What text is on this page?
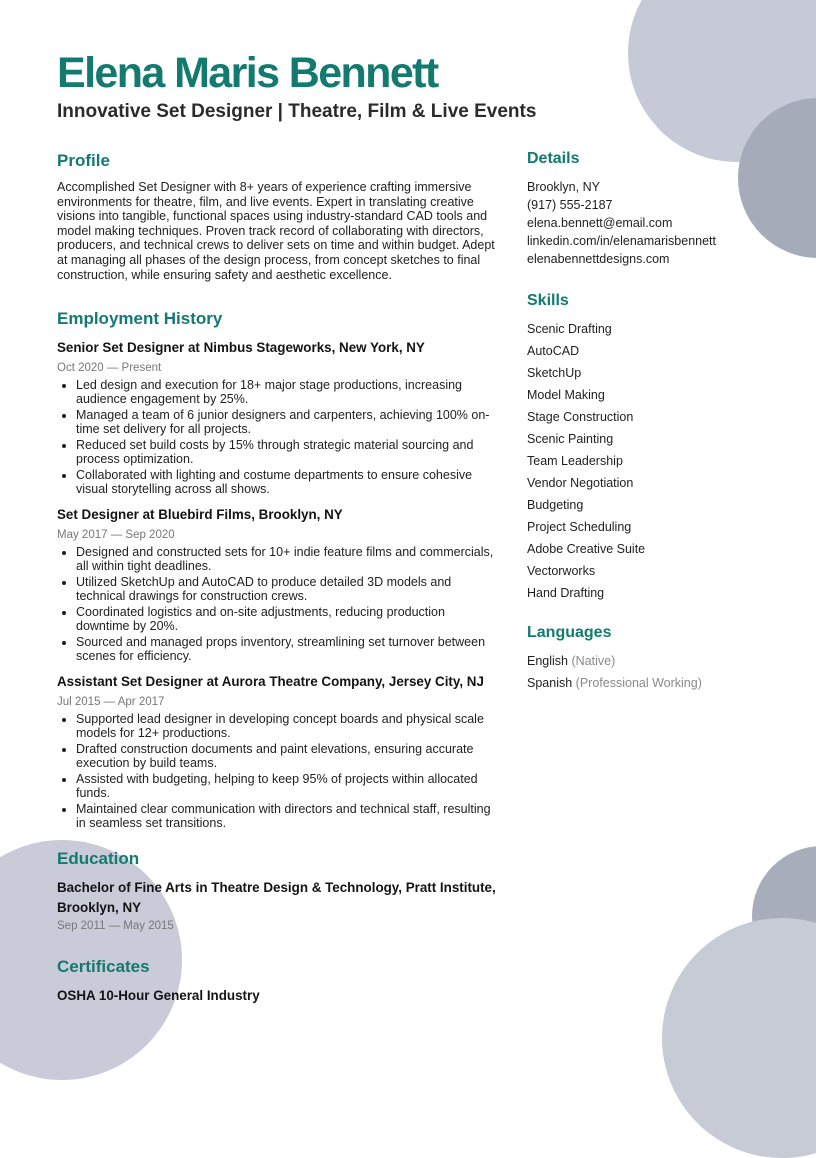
Elena Maris Bennett
Innovative Set Designer | Theatre, Film & Live Events
Profile

Accomplished Set Designer with 8+ years of experience crafting immersive environments for theatre, film, and live events. Expert in translating creative visions into tangible, functional spaces using industry-standard CAD tools and model making techniques. Proven track record of collaborating with directors, producers, and technical crews to deliver sets on time and within budget. Adept at managing all phases of the design process, from concept sketches to final construction, while ensuring safety and aesthetic excellence.

Employment History

Senior Set Designer at Nimbus Stageworks, New York, NY

Oct 2020 — Present

• Led design and execution for 18+ major stage productions, increasing audience engagement by 25%.
• Managed a team of 6 junior designers and carpenters, achieving 100% on-time set delivery for all projects.
• Reduced set build costs by 15% through strategic material sourcing and process optimization.
• Collaborated with lighting and costume departments to ensure cohesive visual storytelling across all shows.

Set Designer at Bluebird Films, Brooklyn, NY

May 2017 — Sep 2020

• Designed and constructed sets for 10+ indie feature films and commercials, all within tight deadlines.
• Utilized SketchUp and AutoCAD to produce detailed 3D models and technical drawings for construction crews.
• Coordinated logistics and on-site adjustments, reducing production downtime by 20%.
• Sourced and managed props inventory, streamlining set turnover between scenes for efficiency.

Assistant Set Designer at Aurora Theatre Company, Jersey City, NJ

Jul 2015 — Apr 2017

• Supported lead designer in developing concept boards and physical scale models for 12+ productions.
• Drafted construction documents and paint elevations, ensuring accurate execution by build teams.
• Assisted with budgeting, helping to keep 95% of projects within allocated funds.
• Maintained clear communication with directors and technical staff, resulting in seamless set transitions.
Education

Bachelor of Fine Arts in Theatre Design & Technology, Pratt Institute, Brooklyn, NY

Sep 2011 — May 2015

Certificates

OSHA 10-Hour General Industry

Details

Brooklyn, NY

(917) 555-2187

elena.bennett@email.com

linkedin.com/in/elenamarisbennett

elenabennettdesigns.com

Skills

Scenic Drafting

AutoCAD

SketchUp

Model Making

Stage Construction

Scenic Painting

Team Leadership

Vendor Negotiation

Budgeting

Project Scheduling

Adobe Creative Suite

Vectorworks

Hand Drafting

Languages

English (Native)

Spanish (Professional Working)
